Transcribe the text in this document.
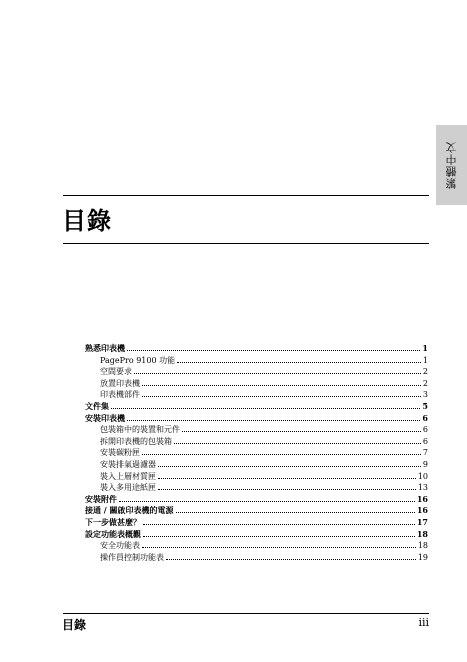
繁體中文
目錄
熟悉印表機	1
PagePro 9100 功能	1
空間要求	2
放置印表機	2
印表機部件	3
文件集	5
安裝印表機	6
包裝箱中的裝置和元件	6
拆開印表機的包裝箱	6
安裝碳粉匣	7
安裝排氣過濾器	9
裝入上層材質匣	10
裝入多用途紙匣	13
安裝附件	16
接通 / 關啟印表機的電源	16
下一步做甚麼？	17
設定功能表概觀	18
安全功能表	18
操作員控制功能表	19
目錄	iii
